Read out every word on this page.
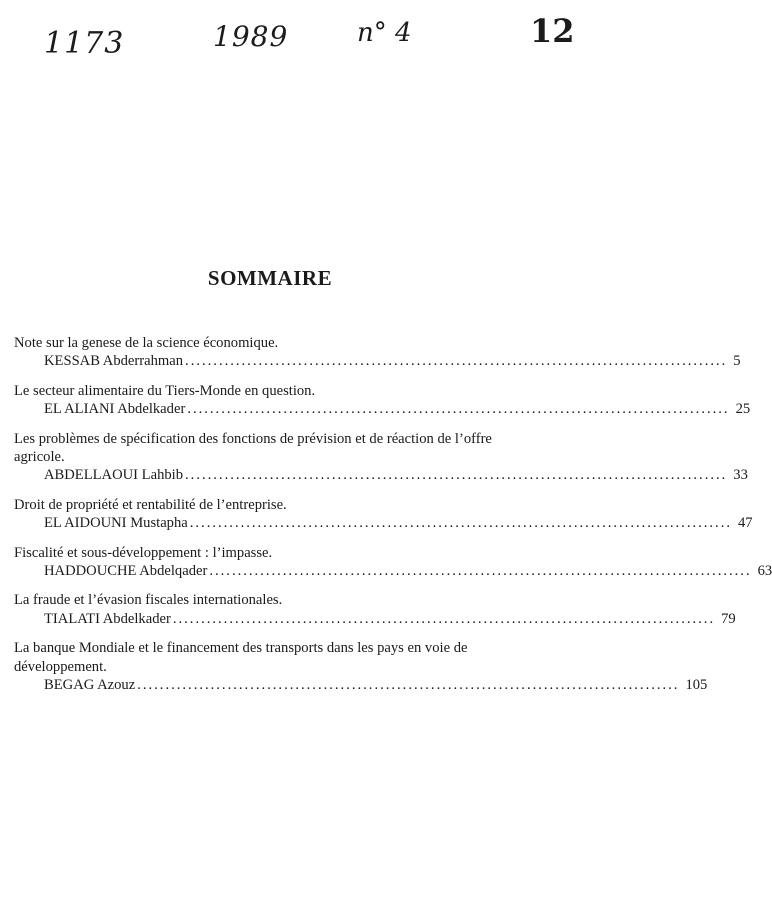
1173	1989	n° 4	12
SOMMAIRE
Note sur la genese de la science économique.
KESSAB Abderrahman ................................................................................................ 5
Le secteur alimentaire du Tiers-Monde en question.
EL ALIANI Abdelkader ................................................................................................ 25
Les problèmes de spécification des fonctions de prévision et de réaction de l’offre agricole.
ABDELLAOUI Lahbib ................................................................................................ 33
Droit de propriété et rentabilité de l’entreprise.
EL AIDOUNI Mustapha ................................................................................................ 47
Fiscalité et sous-développement : l’impasse.
HADDOUCHE Abdelqader ................................................................................................ 63
La fraude et l’évasion fiscales internationales.
TIALATI Abdelkader ................................................................................................ 79
La banque Mondiale et le financement des transports dans les pays en voie de développement.
BEGAG Azouz ................................................................................................ 105
